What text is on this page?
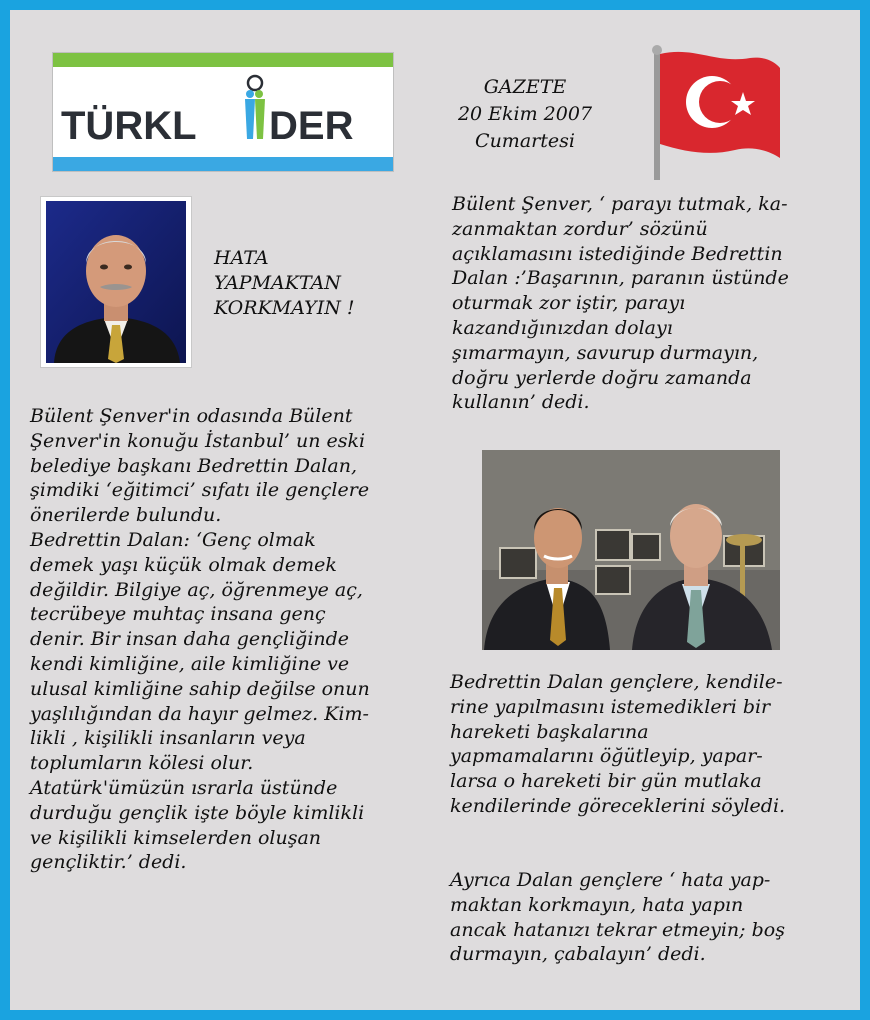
TÜRKL DER
GAZETE
20 Ekim 2007
Cumartesi
HATA
YAPMAKTAN
KORKMAYIN !
Bülent Şenver, ‘ parayı tutmak, ka-
zanmaktan zordur’ sözünü
açıklamasını istediğinde Bedrettin
Dalan :’Başarının, paranın üstünde
oturmak zor iştir, parayı
kazandığınızdan dolayı
şımarmayın, savurup durmayın,
doğru yerlerde doğru zamanda
kullanın’ dedi.
Bülent Şenver'in odasında Bülent
Şenver'in konuğu İstanbul’ un eski
belediye başkanı Bedrettin Dalan,
şimdiki ‘eğitimci’ sıfatı ile gençlere
önerilerde bulundu.
Bedrettin Dalan: ‘Genç olmak
demek yaşı küçük olmak demek
değildir. Bilgiye aç, öğrenmeye aç,
tecrübeye muhtaç insana genç
denir. Bir insan daha gençliğinde
kendi kimliğine, aile kimliğine ve
ulusal kimliğine sahip değilse onun
yaşlılığından da hayır gelmez. Kim-
likli , kişilikli insanların veya
toplumların kölesi olur.
Atatürk'ümüzün ısrarla üstünde
durduğu gençlik işte böyle kimlikli
ve kişilikli kimselerden oluşan
gençliktir.’ dedi.
Bedrettin Dalan gençlere, kendile-
rine yapılmasını istemedikleri bir
hareketi başkalarına
yapmamalarını öğütleyip, yapar-
larsa o hareketi bir gün mutlaka
kendilerinde göreceklerini söyledi.
Ayrıca Dalan gençlere ‘ hata yap-
maktan korkmayın, hata yapın
ancak hatanızı tekrar etmeyin; boş
durmayın, çabalayın’ dedi.
